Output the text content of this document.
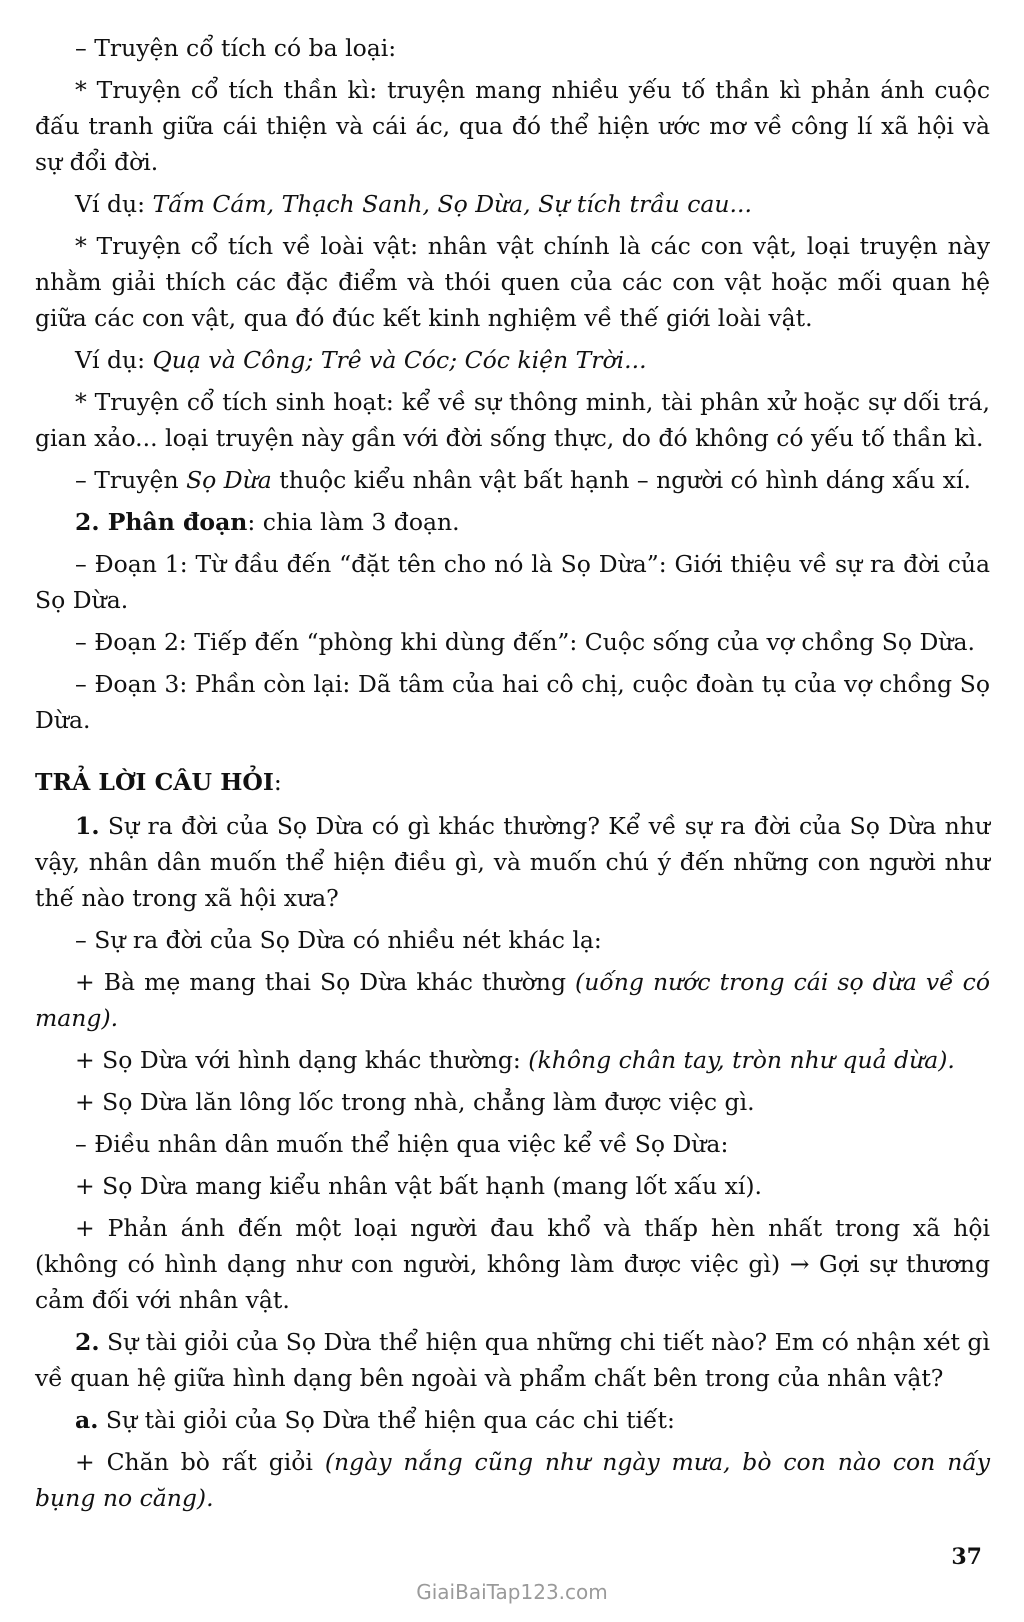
– Truyện cổ tích có ba loại:

* Truyện cổ tích thần kì: truyện mang nhiều yếu tố thần kì phản ánh cuộc đấu tranh giữa cái thiện và cái ác, qua đó thể hiện ước mơ về công lí xã hội và sự đổi đời.

Ví dụ: Tấm Cám, Thạch Sanh, Sọ Dừa, Sự tích trầu cau...

* Truyện cổ tích về loài vật: nhân vật chính là các con vật, loại truyện này nhằm giải thích các đặc điểm và thói quen của các con vật hoặc mối quan hệ giữa các con vật, qua đó đúc kết kinh nghiệm về thế giới loài vật.

Ví dụ: Quạ và Công; Trê và Cóc; Cóc kiện Trời...

* Truyện cổ tích sinh hoạt: kể về sự thông minh, tài phân xử hoặc sự dối trá, gian xảo... loại truyện này gần với đời sống thực, do đó không có yếu tố thần kì.

– Truyện Sọ Dừa thuộc kiểu nhân vật bất hạnh – người có hình dáng xấu xí.

2. Phân đoạn: chia làm 3 đoạn.

– Đoạn 1: Từ đầu đến “đặt tên cho nó là Sọ Dừa”: Giới thiệu về sự ra đời của Sọ Dừa.

– Đoạn 2: Tiếp đến “phòng khi dùng đến”: Cuộc sống của vợ chồng Sọ Dừa.

– Đoạn 3: Phần còn lại: Dã tâm của hai cô chị, cuộc đoàn tụ của vợ chồng Sọ Dừa.

TRẢ LỜI CÂU HỎI:

1. Sự ra đời của Sọ Dừa có gì khác thường? Kể về sự ra đời của Sọ Dừa như vậy, nhân dân muốn thể hiện điều gì, và muốn chú ý đến những con người như thế nào trong xã hội xưa?

– Sự ra đời của Sọ Dừa có nhiều nét khác lạ:

+ Bà mẹ mang thai Sọ Dừa khác thường (uống nước trong cái sọ dừa về có mang).

+ Sọ Dừa với hình dạng khác thường: (không chân tay, tròn như quả dừa).

+ Sọ Dừa lăn lông lốc trong nhà, chẳng làm được việc gì.

– Điều nhân dân muốn thể hiện qua việc kể về Sọ Dừa:

+ Sọ Dừa mang kiểu nhân vật bất hạnh (mang lốt xấu xí).

+ Phản ánh đến một loại người đau khổ và thấp hèn nhất trong xã hội (không có hình dạng như con người, không làm được việc gì) → Gợi sự thương cảm đối với nhân vật.

2. Sự tài giỏi của Sọ Dừa thể hiện qua những chi tiết nào? Em có nhận xét gì về quan hệ giữa hình dạng bên ngoài và phẩm chất bên trong của nhân vật?

a. Sự tài giỏi của Sọ Dừa thể hiện qua các chi tiết:

+ Chăn bò rất giỏi (ngày nắng cũng như ngày mưa, bò con nào con nấy bụng no căng).

37
GiaiBaiTap123.com
